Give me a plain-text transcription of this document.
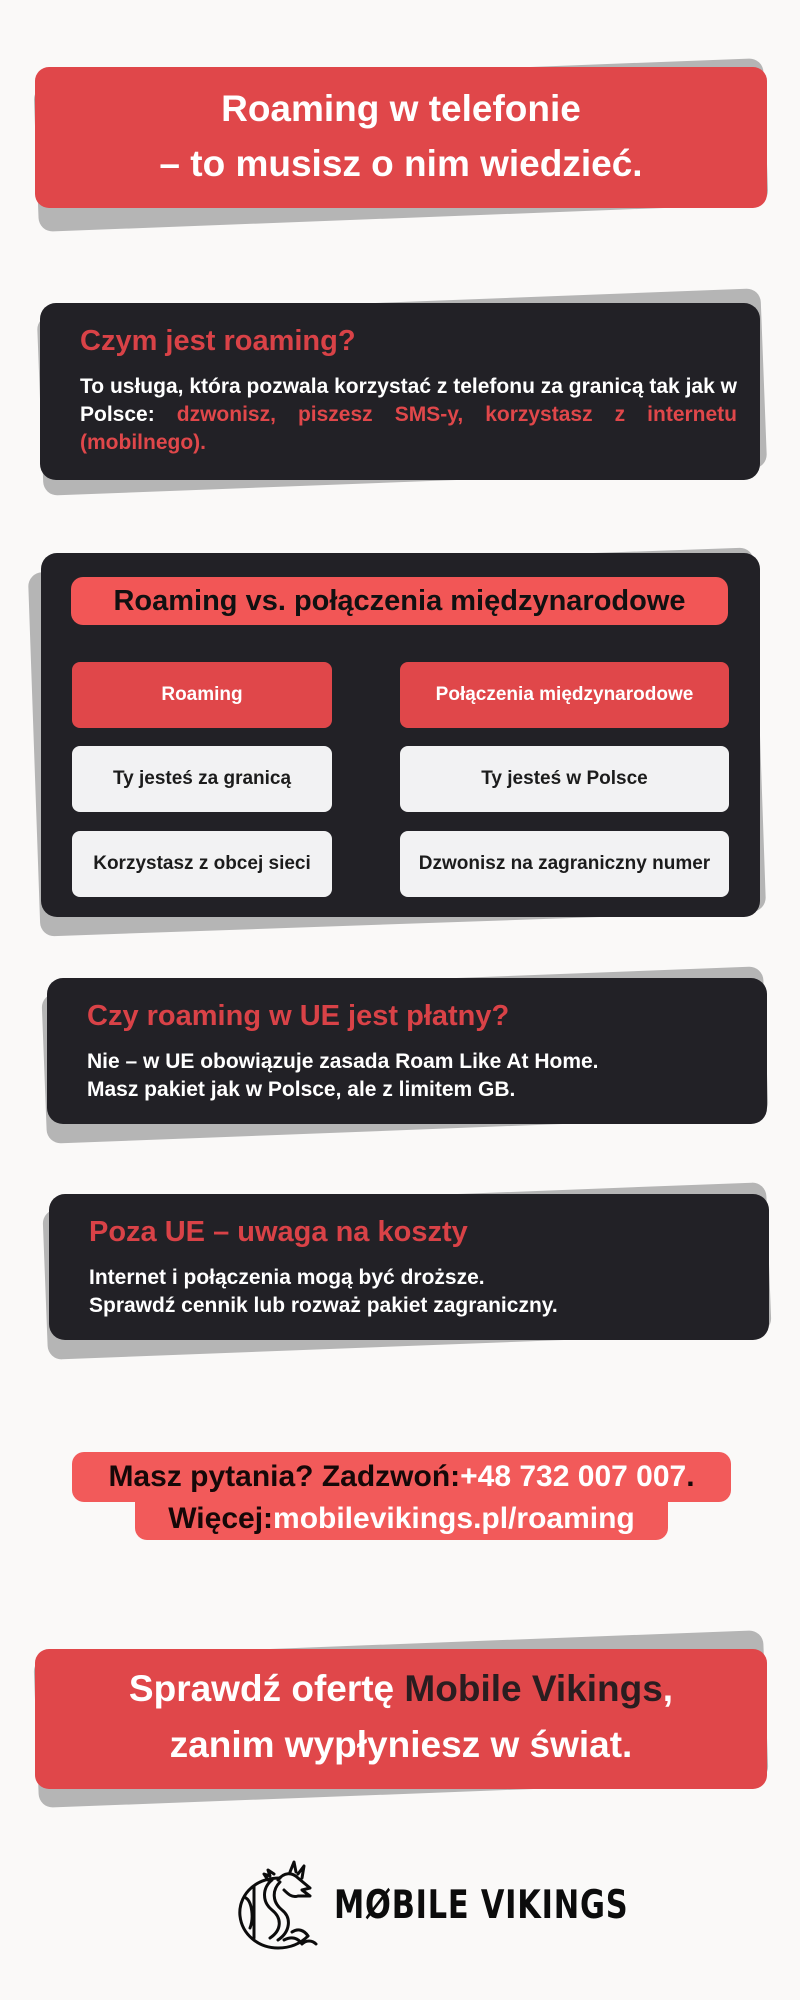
Roaming w telefonie
– to musisz o nim wiedzieć.
Czym jest roaming?
To usługa, która pozwala korzystać z telefonu za granicą tak jak w Polsce: dzwonisz, piszesz SMS-y, korzystasz z internetu (mobilnego).
Roaming vs. połączenia międzynarodowe
Roaming	Połączenia międzynarodowe
Ty jesteś za granicą	Ty jesteś w Polsce
Korzystasz z obcej sieci	Dzwonisz na zagraniczny numer
Czy roaming w UE jest płatny?
Nie – w UE obowiązuje zasada Roam Like At Home.
Masz pakiet jak w Polsce, ale z limitem GB.
Poza UE – uwaga na koszty
Internet i połączenia mogą być droższe.
Sprawdź cennik lub rozważ pakiet zagraniczny.
Masz pytania? Zadzwoń: +48 732 007 007 .
Więcej: mobilevikings.pl/roaming
Sprawdź ofertę Mobile Vikings,
zanim wypłyniesz w świat.
MØBILE VIKINGS
